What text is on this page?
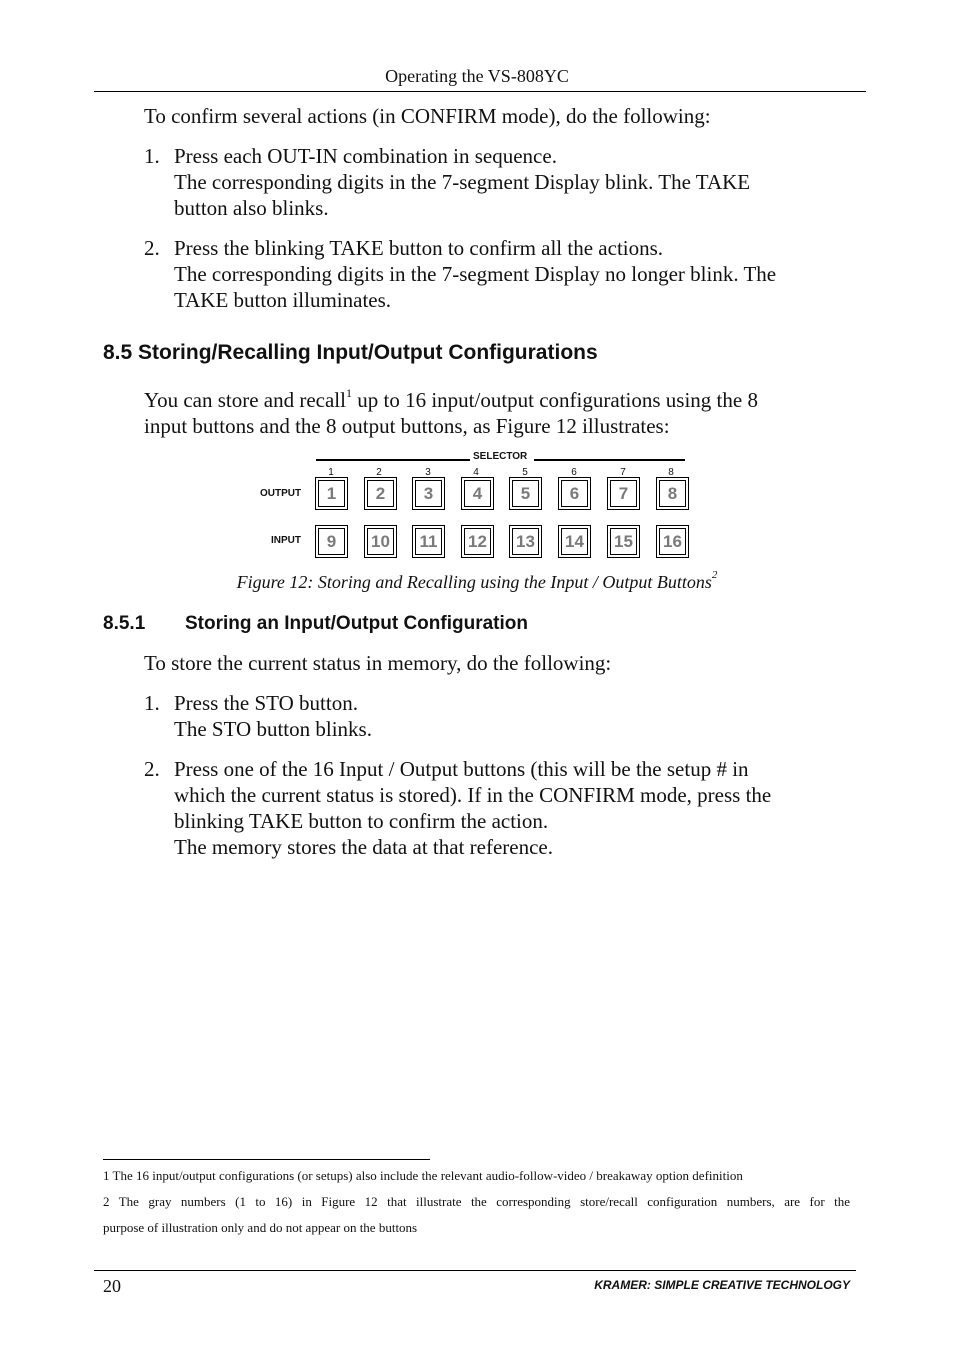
Operating the VS-808YC
To confirm several actions (in CONFIRM mode), do the following:
1. Press each OUT-IN combination in sequence.
The corresponding digits in the 7-segment Display blink. The TAKE
button also blinks.
2. Press the blinking TAKE button to confirm all the actions.
The corresponding digits in the 7-segment Display no longer blink. The
TAKE button illuminates.
8.5 Storing/Recalling Input/Output Configurations
You can store and recall$^1$ up to 16 input/output configurations using the 8
input buttons and the 8 output buttons, as Figure 12 illustrates:
SELECTOR
1	2	3	4	5	6	7	8
OUTPUT
INPUT
1	2	3	4	5	6	7	8
9	10 11 12 13 14 15 16
Figure 12: Storing and Recalling using the Input / Output Buttons$^2$
8.5.1 Storing an Input/Output Configuration
To store the current status in memory, do the following:
1. Press the STO button.
The STO button blinks.
2. Press one of the 16 Input / Output buttons (this will be the setup # in
which the current status is stored). If in the CONFIRM mode, press the
blinking TAKE button to confirm the action.
The memory stores the data at that reference.
1 The 16 input/output configurations (or setups) also include the relevant audio-follow-video / breakaway option definition
2 The gray numbers (1 to 16) in Figure 12 that illustrate the corresponding store/recall configuration numbers, are for the
purpose of illustration only and do not appear on the buttons
20	KRAMER: SIMPLE CREATIVE TECHNOLOGY
